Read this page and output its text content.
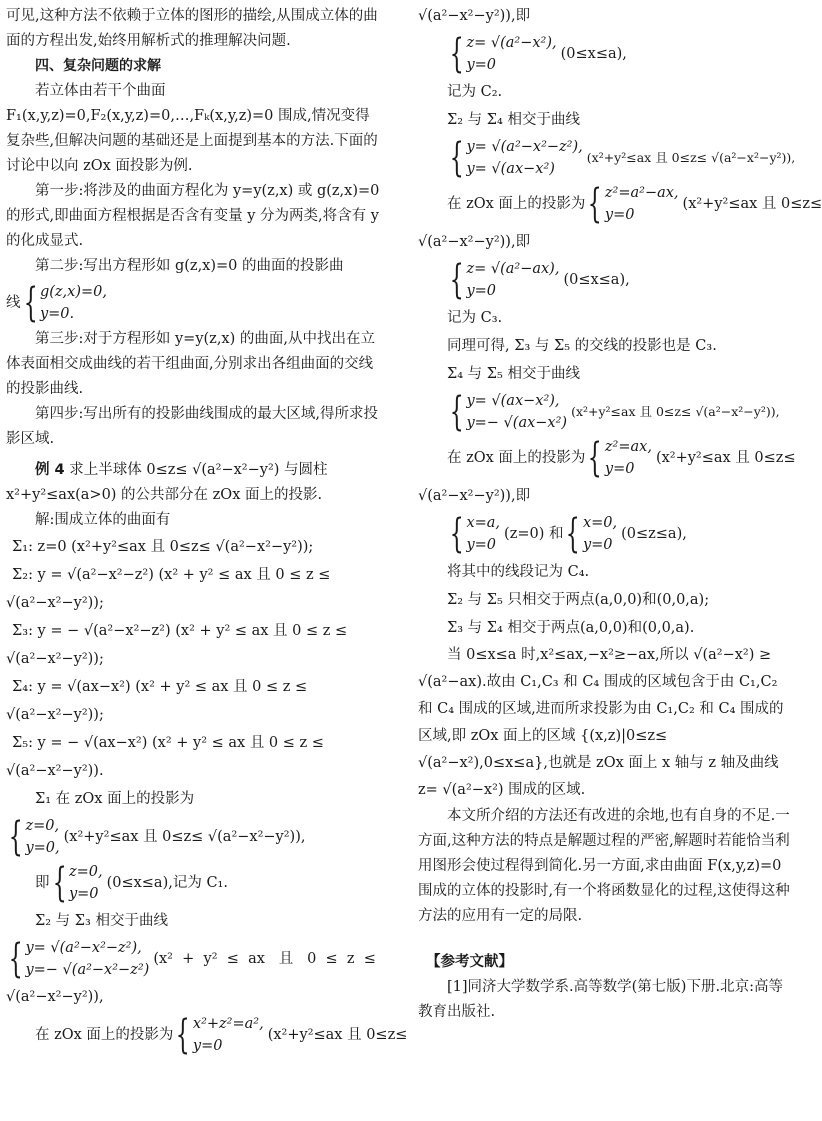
可见,这种方法不依赖于立体的图形的描绘,从围成立体的曲面的方程出发,始终用解析式的推理解决问题.

四、复杂问题的求解

若立体由若干个曲面 F₁(x,y,z)=0,F₂(x,y,z)=0,…,Fₖ(x,y,z)=0 围成,情况变得复杂些,但解决问题的基础还是上面提到基本的方法.下面的讨论中以向 zOx 面投影为例.

第一步:将涉及的曲面方程化为 y=y(z,x) 或 g(z,x)=0 的形式,即曲面方程根据是否含有变量 y 分为两类,将含有 y 的化成显式.

第二步:写出方程形如 g(z,x)=0 的曲面的投影曲

线 { g(z,x)=0,
y=0.

第三步:对于方程形如 y=y(z,x) 的曲面,从中找出在立体表面相交成曲线的若干组曲面,分别求出各组曲面的交线的投影曲线.

第四步:写出所有的投影曲线围成的最大区域,得所求投影区域.

例 4 求上半球体 0≤z≤ √(a²−x²−y²) 与圆柱 x²+y²≤ax(a>0) 的公共部分在 zOx 面上的投影.

解:围成立体的曲面有
Σ₁: z=0 (x²+y²≤ax 且 0≤z≤ √(a²−x²−y²));
Σ₂: y = √(a²−x²−z²) (x² + y² ≤ ax 且 0 ≤ z ≤
√(a²−x²−y²));
Σ₃: y = − √(a²−x²−z²) (x² + y² ≤ ax 且 0 ≤ z ≤
√(a²−x²−y²));
Σ₄: y = √(ax−x²) (x² + y² ≤ ax 且 0 ≤ z ≤
√(a²−x²−y²));
Σ₅: y = − √(ax−x²) (x² + y² ≤ ax 且 0 ≤ z ≤
√(a²−x²−y²)).
Σ₁ 在 zOx 面上的投影为
{ z=0,
y=0,
(x²+y²≤ax 且 0≤z≤ √(a²−x²−y²)),
即 { z=0,
y=0
(0≤x≤a),记为 C₁.
Σ₂ 与 Σ₃ 相交于曲线
{ y= √(a²−x²−z²),
y=− √(a²−x²−z²)
(x²  +  y²  ≤  ax   且   0  ≤  z  ≤
√(a²−x²−y²)),
在 zOx 面上的投影为 { x²+z²=a²,
y=0
(x²+y²≤ax 且 0≤z≤
√(a²−x²−y²)),即
{ z= √(a²−x²),
y=0
(0≤x≤a),
记为 C₂.
Σ₂ 与 Σ₄ 相交于曲线
{ y= √(a²−x²−z²),
y= √(ax−x²)
(x²+y²≤ax 且 0≤z≤ √(a²−x²−y²)),
在 zOx 面上的投影为 { z²=a²−ax,
y=0
(x²+y²≤ax 且 0≤z≤
√(a²−x²−y²)),即
{ z= √(a²−ax),
y=0
(0≤x≤a),
记为 C₃.
同理可得, Σ₃ 与 Σ₅ 的交线的投影也是 C₃.
Σ₄ 与 Σ₅ 相交于曲线
{ y= √(ax−x²),
y=− √(ax−x²)
(x²+y²≤ax 且 0≤z≤ √(a²−x²−y²)),
在 zOx 面上的投影为 { z²=ax,
y=0
(x²+y²≤ax 且 0≤z≤
√(a²−x²−y²)),即
{ x=a,
y=0
(z=0) 和 { x=0,
y=0
(0≤z≤a),
将其中的线段记为 C₄.
Σ₂ 与 Σ₅ 只相交于两点(a,0,0)和(0,0,a);
Σ₃ 与 Σ₄ 相交于两点(a,0,0)和(0,0,a).

当 0≤x≤a 时,x²≤ax,−x²≥−ax,所以 √(a²−x²) ≥ √(a²−ax).故由 C₁,C₃ 和 C₄ 围成的区域包含于由 C₁,C₂ 和 C₄ 围成的区域,进而所求投影为由 C₁,C₂ 和 C₄ 围成的区域,即 zOx 面上的区域 {(x,z)|0≤z≤ √(a²−x²),0≤x≤a},也就是 zOx 面上 x 轴与 z 轴及曲线 z= √(a²−x²) 围成的区域.

本文所介绍的方法还有改进的余地,也有自身的不足.一方面,这种方法的特点是解题过程的严密,解题时若能恰当利用图形会使过程得到简化.另一方面,求由曲面 F(x,y,z)=0 围成的立体的投影时,有一个将函数显化的过程,这使得这种方法的应用有一定的局限.

【参考文献】

[1]同济大学数学系.高等数学(第七版)下册.北京:高等教育出版社.
